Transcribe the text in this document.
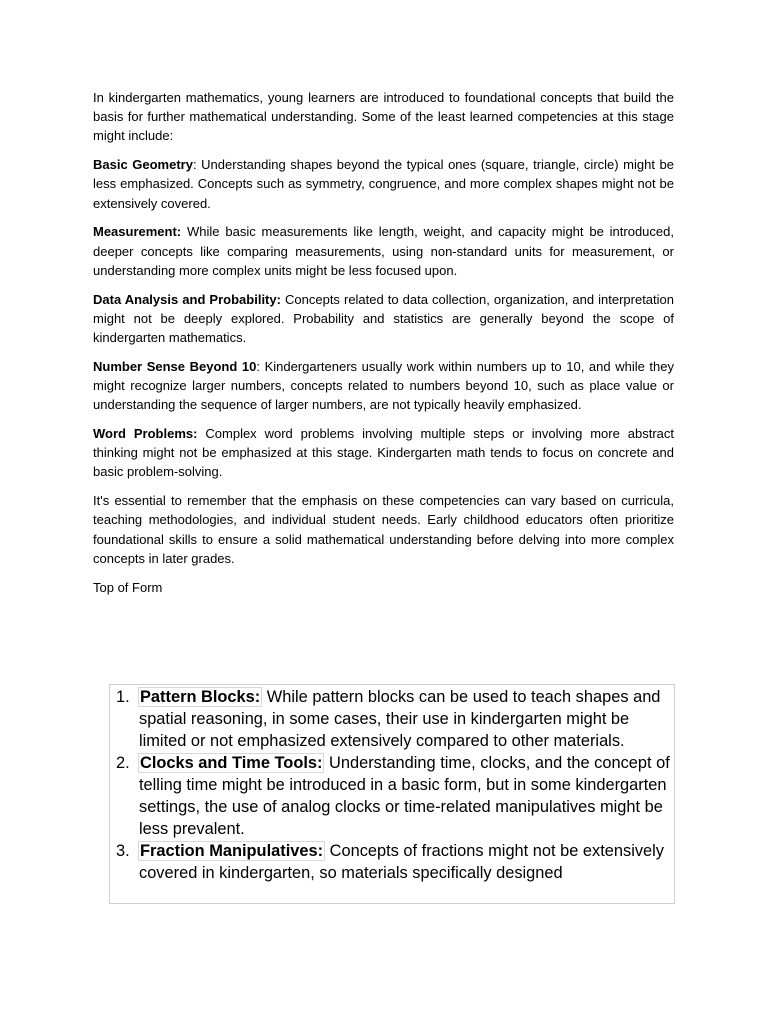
In kindergarten mathematics, young learners are introduced to foundational concepts that build the basis for further mathematical understanding. Some of the least learned competencies at this stage might include:

Basic Geometry: Understanding shapes beyond the typical ones (square, triangle, circle) might be less emphasized. Concepts such as symmetry, congruence, and more complex shapes might not be extensively covered.

Measurement: While basic measurements like length, weight, and capacity might be introduced, deeper concepts like comparing measurements, using non-standard units for measurement, or understanding more complex units might be less focused upon.

Data Analysis and Probability: Concepts related to data collection, organization, and interpretation might not be deeply explored. Probability and statistics are generally beyond the scope of kindergarten mathematics.

Number Sense Beyond 10: Kindergarteners usually work within numbers up to 10, and while they might recognize larger numbers, concepts related to numbers beyond 10, such as place value or understanding the sequence of larger numbers, are not typically heavily emphasized.

Word Problems: Complex word problems involving multiple steps or involving more abstract thinking might not be emphasized at this stage. Kindergarten math tends to focus on concrete and basic problem-solving.

It's essential to remember that the emphasis on these competencies can vary based on curricula, teaching methodologies, and individual student needs. Early childhood educators often prioritize foundational skills to ensure a solid mathematical understanding before delving into more complex concepts in later grades.

Top of Form

1. Pattern Blocks: While pattern blocks can be used to teach shapes and spatial reasoning, in some cases, their use in kindergarten might be limited or not emphasized extensively compared to other materials.
2. Clocks and Time Tools: Understanding time, clocks, and the concept of telling time might be introduced in a basic form, but in some kindergarten settings, the use of analog clocks or time-related manipulatives might be less prevalent.
3. Fraction Manipulatives: Concepts of fractions might not be extensively covered in kindergarten, so materials specifically designed
